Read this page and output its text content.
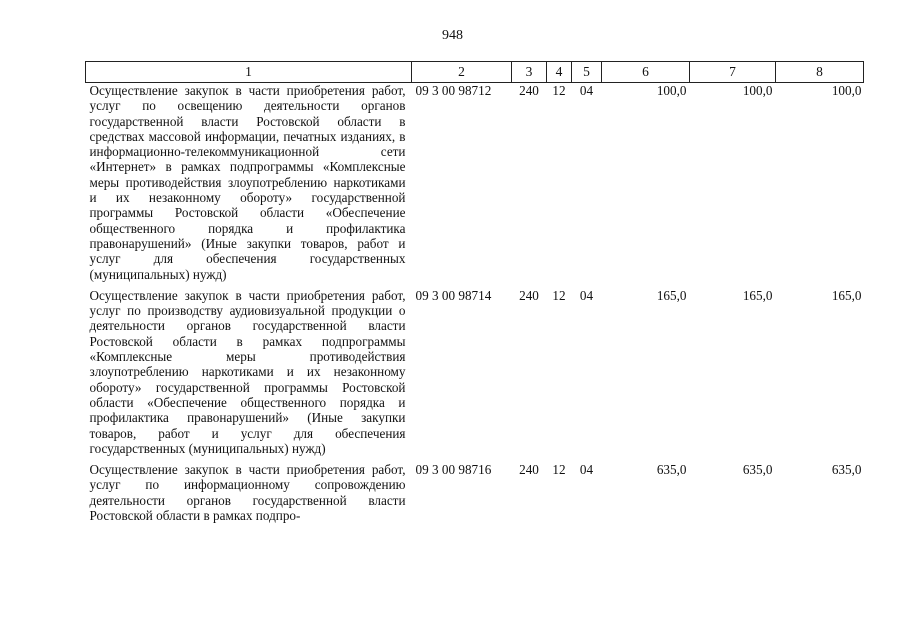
948
1	2	3	4	5	6	7	8
Осуществление закупок в части приобретения работ, услуг по освещению деятельности органов государственной власти Ростовской области в средствах массовой информации, печатных изданиях, в информационно-телекоммуникационной сети «Интернет» в рамках подпрограммы «Комплексные меры противодействия злоупотреблению наркотиками и их незаконному обороту» государственной программы Ростовской области «Обеспечение общественного порядка и профилактика правонарушений» (Иные закупки товаров, работ и услуг для обеспечения государственных (муниципальных) нужд)	09 3 00 98712	240	12	04	100,0	100,0	100,0
Осуществление закупок в части приобретения работ, услуг по производству аудиовизуальной продукции о деятельности органов государственной власти Ростовской области в рамках подпрограммы «Комплексные меры противодействия злоупотреблению наркотиками и их незаконному обороту» государственной программы Ростовской области «Обеспечение общественного порядка и профилактика правонарушений» (Иные закупки товаров, работ и услуг для обеспечения государственных (муниципальных) нужд)	09 3 00 98714	240	12	04	165,0	165,0	165,0
Осуществление закупок в части приобретения работ, услуг по информационному сопровождению деятельности органов государственной власти Ростовской области в рамках подпро-	09 3 00 98716	240	12	04	635,0	635,0	635,0
